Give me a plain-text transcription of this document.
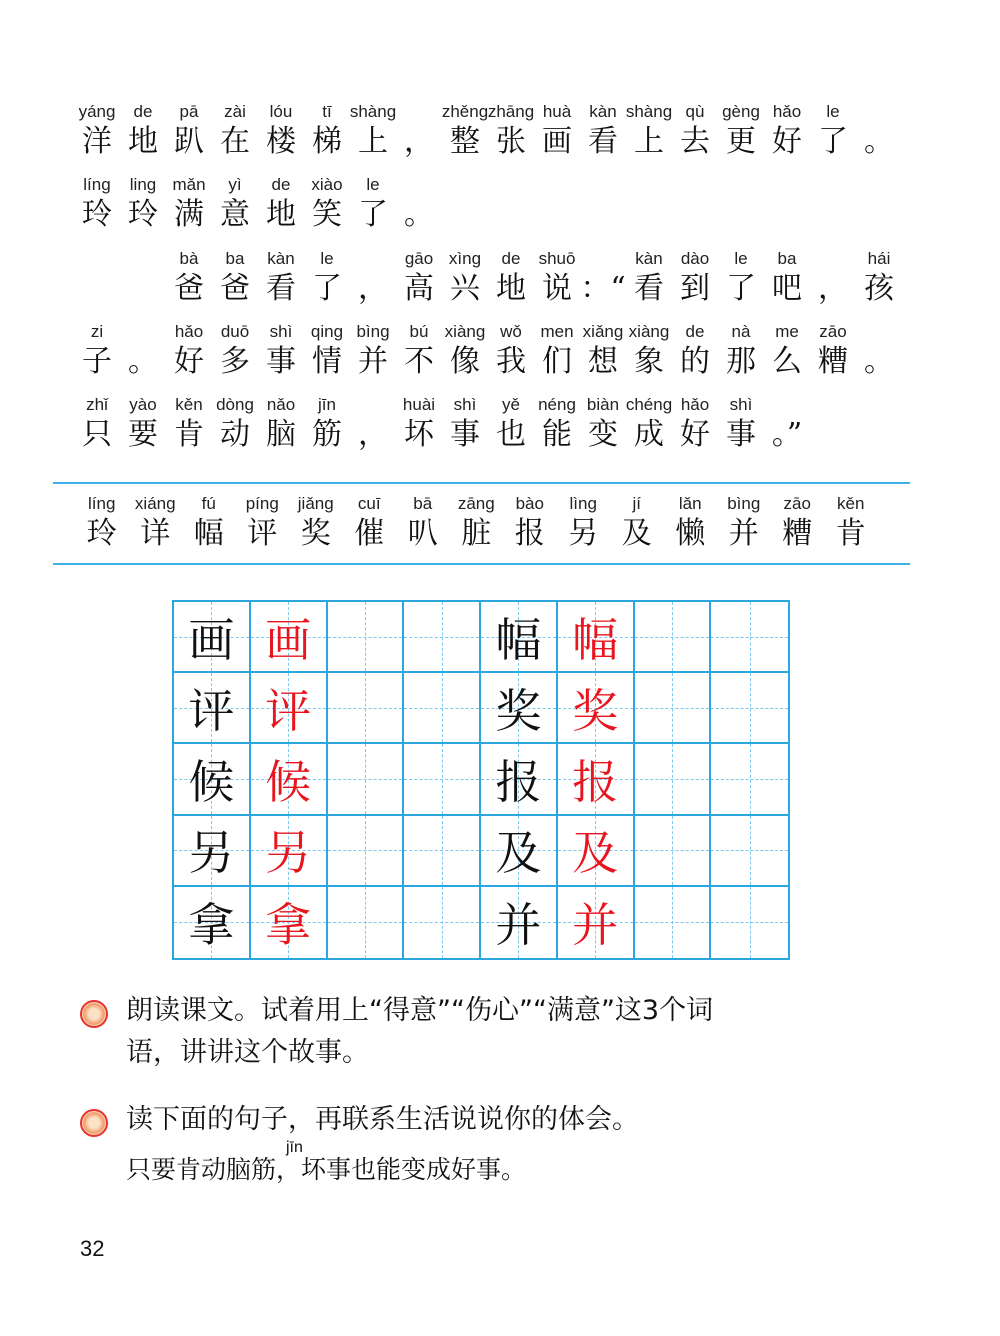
yáng
洋
de
地
pā
趴
zài
在
lóu
楼
tī
梯
shàng
上 ，
zhěng
整
zhāng
张
huà
画
kàn
看
shàng
上
qù
去
gèng
更
hǎo
好
le
了 。
líng
玲
ling
玲
mǎn
满
yì
意
de
地
xiào
笑
le
了 。
bà
爸
ba
爸
kàn
看
le
了 ，
gāo
高
xìng
兴
de
地
shuō
说 ：“
kàn
看
dào
到
le
了
ba
吧 ，
hái
孩
zi
子 。
hǎo
好
duō
多
shì
事
qing
情
bìng
并
bú
不
xiàng
像
wǒ
我
men
们
xiǎng
想
xiàng
象
de
的
nà
那
me
么
zāo
糟 。
zhǐ
只
yào
要
kěn
肯
dòng
动
nǎo
脑
jīn
筋 ，
huài
坏
shì
事
yě
也
néng
能
biàn
变
chéng
成
hǎo
好
shì
事 。”
líng
玲
xiáng
详
fú
幅
píng
评
jiǎng
奖
cuī
催
bā
叭
zāng
脏
bào
报
lìng
另
jí
及
lǎn
懒
bìng
并
zāo
糟
kěn
肯
画 画	幅 幅
评 评	奖 奖
候 候	报 报
另 另	及 及
拿 拿	并 并
朗读课文。试着用上“得意”“伤心”“满意”这3个词
语，讲讲这个故事。
读下面的句子，再联系生活说说你的体会。
jīn
只要肯动脑筋，坏事也能变成好事。
32
